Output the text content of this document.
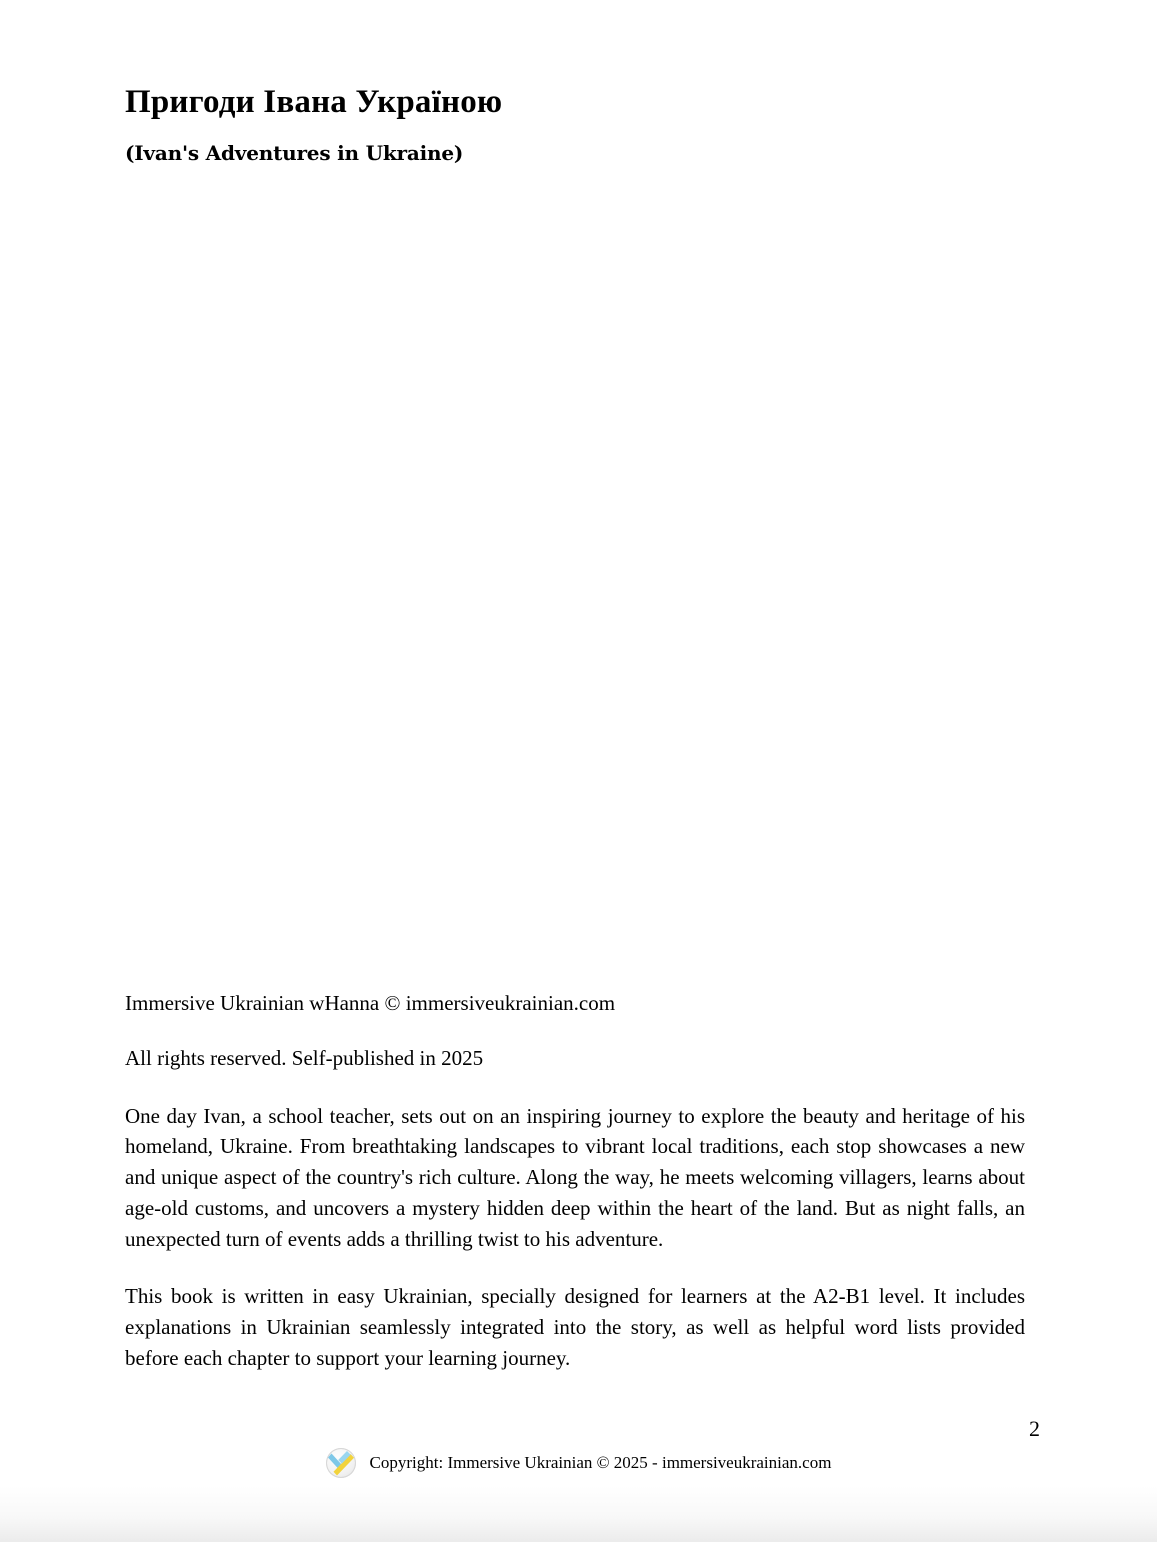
Пригоди Івана Україною
(Ivan's Adventures in Ukraine)

Immersive Ukrainian wHanna © immersiveukrainian.com

All rights reserved. Self-published in 2025

One day Ivan, a school teacher, sets out on an inspiring journey to explore the beauty and heritage of his homeland, Ukraine. From breathtaking landscapes to vibrant local traditions, each stop showcases a new and unique aspect of the country's rich culture. Along the way, he meets welcoming villagers, learns about age-old customs, and uncovers a mystery hidden deep within the heart of the land. But as night falls, an unexpected turn of events adds a thrilling twist to his adventure.

This book is written in easy Ukrainian, specially designed for learners at the A2-B1 level. It includes explanations in Ukrainian seamlessly integrated into the story, as well as helpful word lists provided before each chapter to support your learning journey.

2
Copyright: Immersive Ukrainian © 2025 - immersiveukrainian.com
